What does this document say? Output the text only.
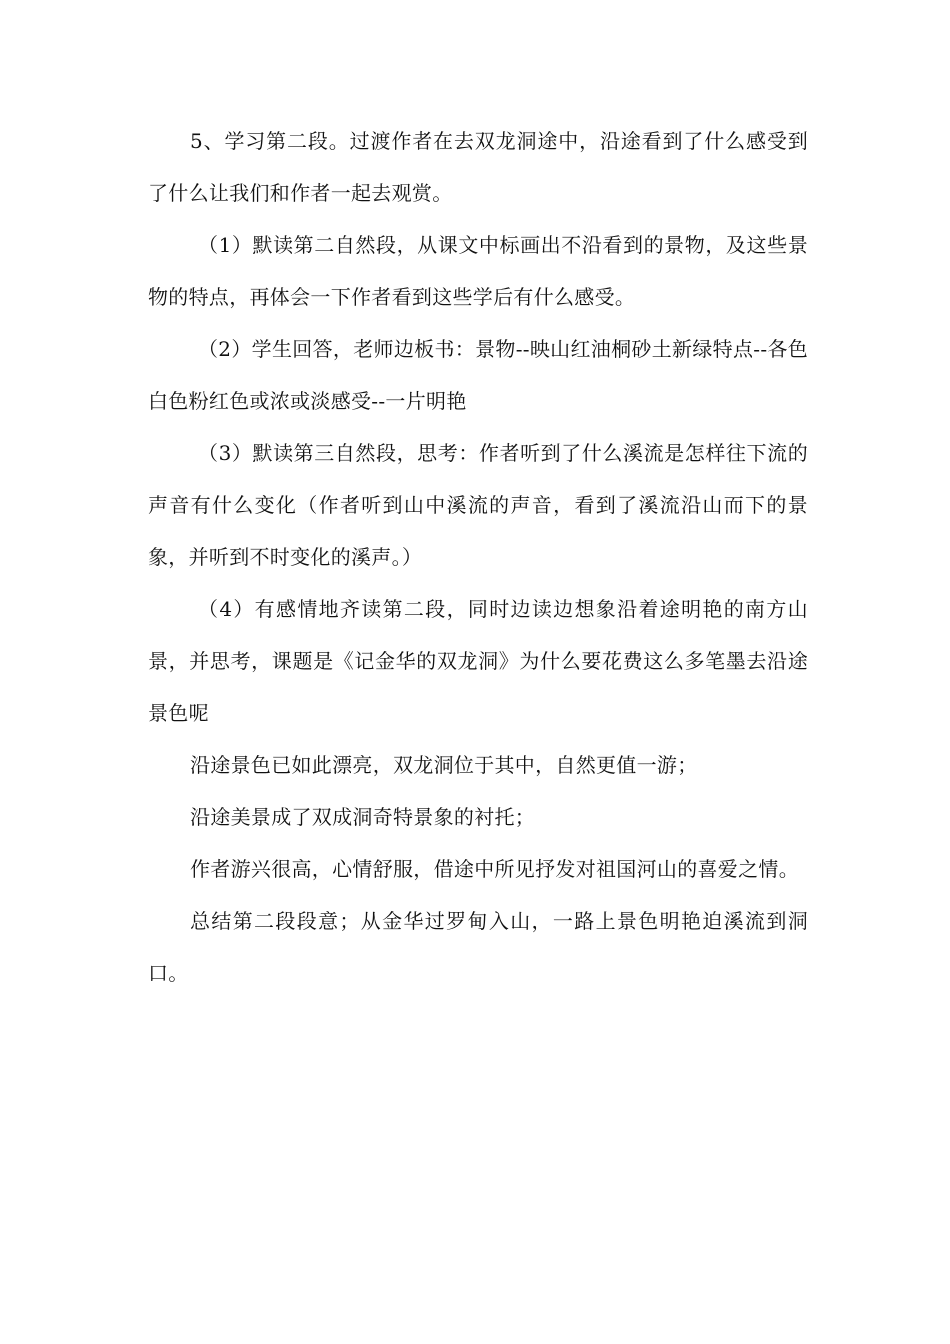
5、学习第二段。过渡作者在去双龙洞途中，沿途看到了什么感受到了什么让我们和作者一起去观赏。

（1）默读第二自然段，从课文中标画出不沿看到的景物，及这些景物的特点，再体会一下作者看到这些学后有什么感受。

（2）学生回答，老师边板书：景物--映山红油桐砂土新绿特点--各色白色粉红色或浓或淡感受--一片明艳

（3）默读第三自然段，思考：作者听到了什么溪流是怎样往下流的声音有什么变化（作者听到山中溪流的声音，看到了溪流沿山而下的景象，并听到不时变化的溪声。）

（4）有感情地齐读第二段，同时边读边想象沿着途明艳的南方山景，并思考，课题是《记金华的双龙洞》为什么要花费这么多笔墨去沿途景色呢

沿途景色已如此漂亮，双龙洞位于其中，自然更值一游；

沿途美景成了双成洞奇特景象的衬托；

作者游兴很高，心情舒服，借途中所见抒发对祖国河山的喜爱之情。

总结第二段段意；从金华过罗甸入山，一路上景色明艳迫溪流到洞口。
